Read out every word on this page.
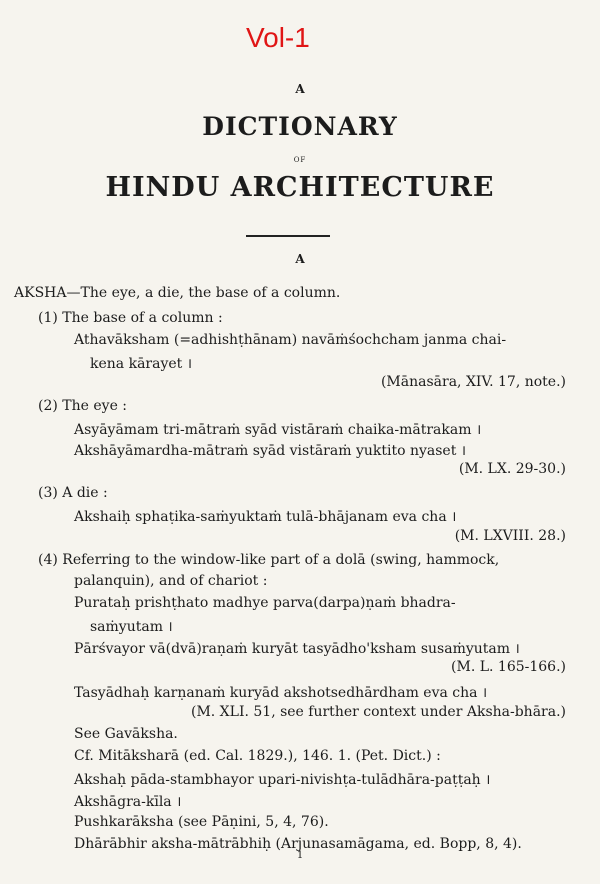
Vol-1
A
DICTIONARY
OF
HINDU ARCHITECTURE
A
AKSHA—The eye, a die, the base of a column.
(1) The base of a column :
Athavāksham (=adhishṭhānam) navāṁśochcham janma chai-
kena kārayet ।
(Mānasāra, XIV. 17, note.)
(2) The eye :
Asyāyāmam tri-mātraṁ syād vistāraṁ chaika-mātrakam ।
Akshāyāmardha-mātraṁ syād vistāraṁ yuktito nyaset ।
(M. LX. 29-30.)
(3) A die :
Akshaiḥ sphaṭika-saṁyuktaṁ tulā-bhājanam eva cha ।
(M. LXVIII. 28.)
(4) Referring to the window-like part of a dolā (swing, hammock,
palanquin), and of chariot :
Purataḥ prishṭhato madhye parva(darpa)ṇaṁ bhadra-
saṁyutam ।
Pārśvayor vā(dvā)raṇaṁ kuryāt tasyādho'ksham susaṁyutam ।
(M. L. 165-166.)
Tasyādhaḥ karṇanaṁ kuryād akshotsedhārdham eva cha ।
(M. XLI. 51, see further context under Aksha-bhāra.)
See Gavāksha.
Cf. Mitāksharā (ed. Cal. 1829.), 146. 1. (Pet. Dict.) :
Akshaḥ pāda-stambhayor upari-nivishṭa-tulādhāra-paṭṭaḥ ।
Akshāgra-kīla ।
Pushkarāksha (see Pāṇini, 5, 4, 76).
Dhārābhir aksha-mātrābhiḥ (Arjunasamāgama, ed. Bopp, 8, 4).
1
